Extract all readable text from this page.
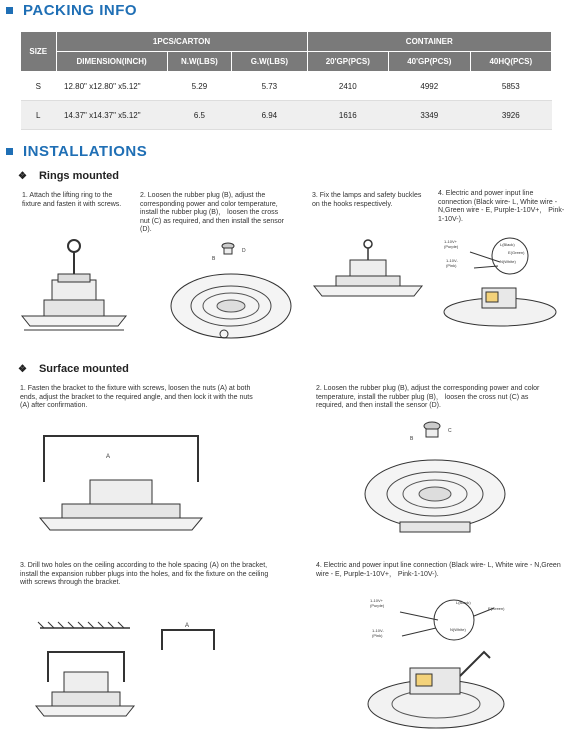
PACKING INFO
SIZE	1PCS/CARTON			CONTAINER		
	DIMENSION(INCH)	N.W(LBS)	G.W(LBS)	20'GP(PCS)	40'GP(PCS)	40HQ(PCS)
S	12.80" x12.80" x5.12"	5.29	5.73	2410	4992	5853
L	14.37" x14.37" x5.12"	6.5	6.94	1616	3349	3926
INSTALLATIONS
❖ Rings mounted
1. Attach the lifting ring to the fixture and fasten it with screws.
2. Loosen the rubber plug (B), adjust the corresponding power and color temperature, install the rubber plug (B)， loosen the cross nut (C) as required, and then install the sensor (D).
3. Fix the lamps and safety buckles on the hooks respectively.
4. Electric and power input line connection (Black wire- L, White wire - N,Green wire - E, Purple-1-10V+， Pink-1-10V-).
B
D
1-10V+
(Purple)
1-10V-
(Pink)
L(Black)
E(Green)
N(White)
❖ Surface mounted
1. Fasten the bracket to the fixture with screws, loosen the nuts (A) at both ends, adjust the bracket to the required angle, and then lock it with the nuts (A) after confirmation.
2. Loosen the rubber plug (B), adjust the corresponding power and color temperature, install the rubber plug (B)， loosen the cross nut (C) as required, and then install the sensor (D).
A
B
C
3. Drill two holes on the ceiling according to the hole spacing (A) on the bracket, install the expansion rubber plugs into the holes, and fix the fixture on the ceiling with screws through the bracket.
4. Electric and power input line connection (Black wire- L, White wire - N,Green wire - E, Purple-1-10V+， Pink-1-10V-).
A
1-10V+
(Purple)
1-10V-
(Pink)
L(Black)
E(Green)
N(White)
